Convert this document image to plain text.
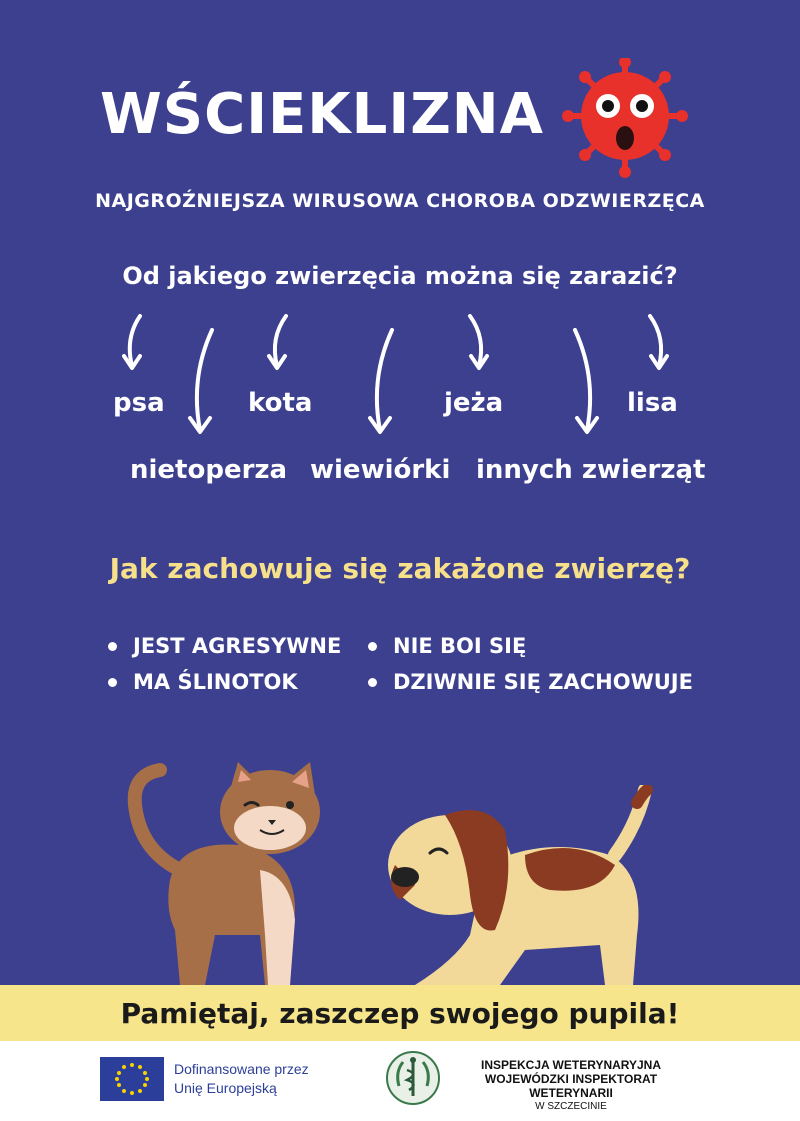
WŚCIEKLIZNA
NAJGROŹNIEJSZA WIRUSOWA CHOROBA ODZWIERZĘCA
Od jakiego zwierzęcia można się zarazić?
psa	kota	jeża	lisa
nietoperza wiewiórki innych zwierząt
Jak zachowuje się zakażone zwierzę?
JEST AGRESYWNE
MA ŚLINOTOK
NIE BOI SIĘ
DZIWNIE SIĘ ZACHOWUJE
Pamiętaj, zaszczep swojego pupila!
Dofinansowane przez
Unię Europejską
INSPEKCJA WETERYNARYJNA
WOJEWÓDZKI INSPEKTORAT WETERYNARII
W SZCZECINIE
